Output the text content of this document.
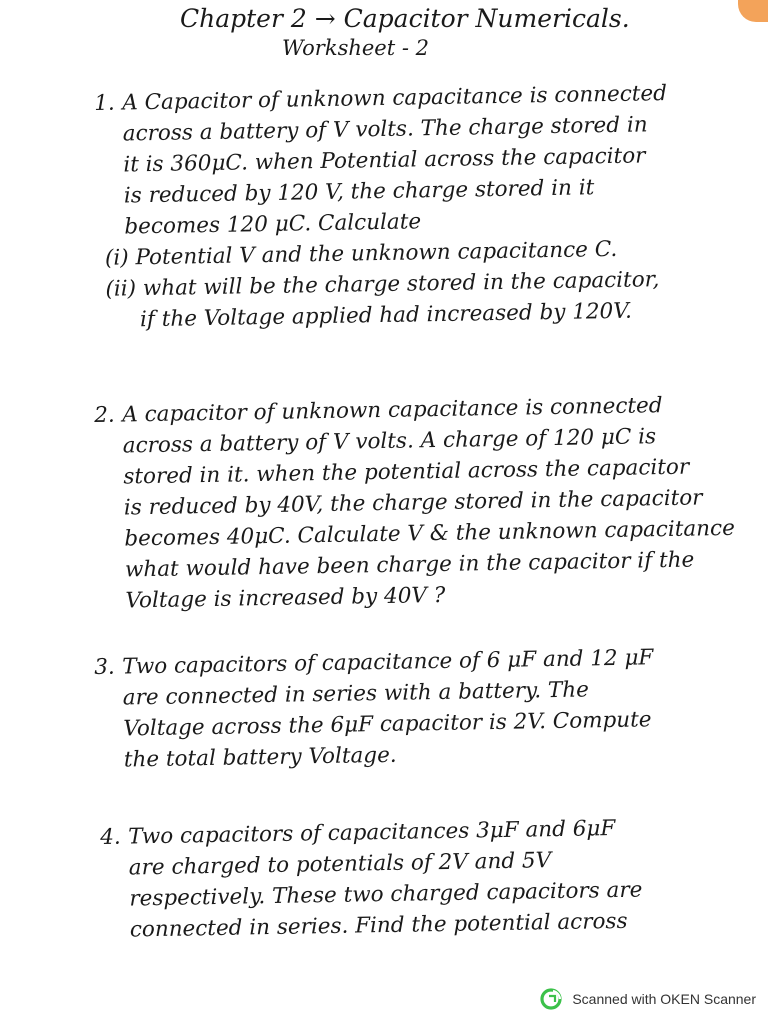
Chapter 2 → Capacitor Numericals.
Worksheet - 2
1. A Capacitor of unknown capacitance is connected
across a battery of V volts. The charge stored in
it is 360μC. when Potential across the capacitor
is reduced by 120 V, the charge stored in it
becomes 120 μC. Calculate
(i) Potential V and the unknown capacitance C.
(ii) what will be the charge stored in the capacitor,
if the Voltage applied had increased by 120V.
2. A capacitor of unknown capacitance is connected
across a battery of V volts. A charge of 120 μC is
stored in it. when the potential across the capacitor
is reduced by 40V, the charge stored in the capacitor
becomes 40μC. Calculate V & the unknown capacitance
what would have been charge in the capacitor if the
Voltage is increased by 40V ?
3. Two capacitors of capacitance of 6 μF and 12 μF
are connected in series with a battery. The
Voltage across the 6μF capacitor is 2V. Compute
the total battery Voltage.
4. Two capacitors of capacitances 3μF and 6μF
are charged to potentials of 2V and 5V
respectively. These two charged capacitors are
connected in series. Find the potential across
Scanned with OKEN Scanner
